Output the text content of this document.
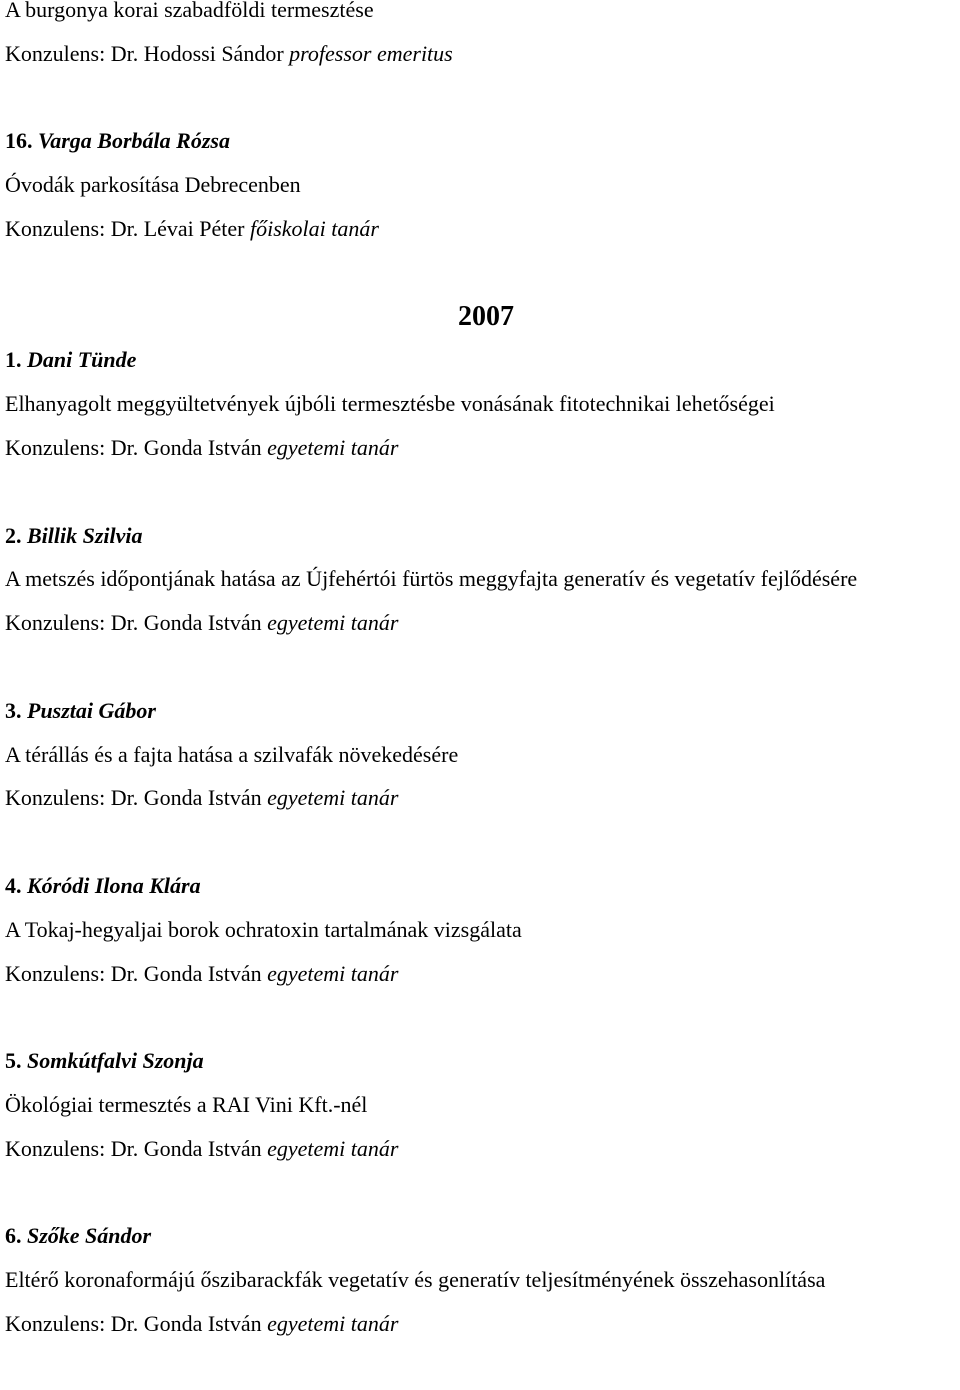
A burgonya korai szabadföldi termesztése
Konzulens: Dr. Hodossi Sándor professor emeritus
16. Varga Borbála Rózsa
Óvodák parkosítása Debrecenben
Konzulens: Dr. Lévai Péter főiskolai tanár
2007
1. Dani Tünde
Elhanyagolt meggyültetvények újbóli termesztésbe vonásának fitotechnikai lehetőségei
Konzulens: Dr. Gonda István egyetemi tanár
2. Billik Szilvia
A metszés időpontjának hatása az Újfehértói fürtös meggyfajta generatív és vegetatív fejlődésére
Konzulens: Dr. Gonda István egyetemi tanár
3. Pusztai Gábor
A térállás és a fajta hatása a szilvafák növekedésére
Konzulens: Dr. Gonda István egyetemi tanár
4. Kóródi Ilona Klára
A Tokaj-hegyaljai borok ochratoxin tartalmának vizsgálata
Konzulens: Dr. Gonda István egyetemi tanár
5. Somkútfalvi Szonja
Ökológiai termesztés a RAI Vini Kft.-nél
Konzulens: Dr. Gonda István egyetemi tanár
6. Szőke Sándor
Eltérő koronaformájú őszibarackfák vegetatív és generatív teljesítményének összehasonlítása
Konzulens: Dr. Gonda István egyetemi tanár
